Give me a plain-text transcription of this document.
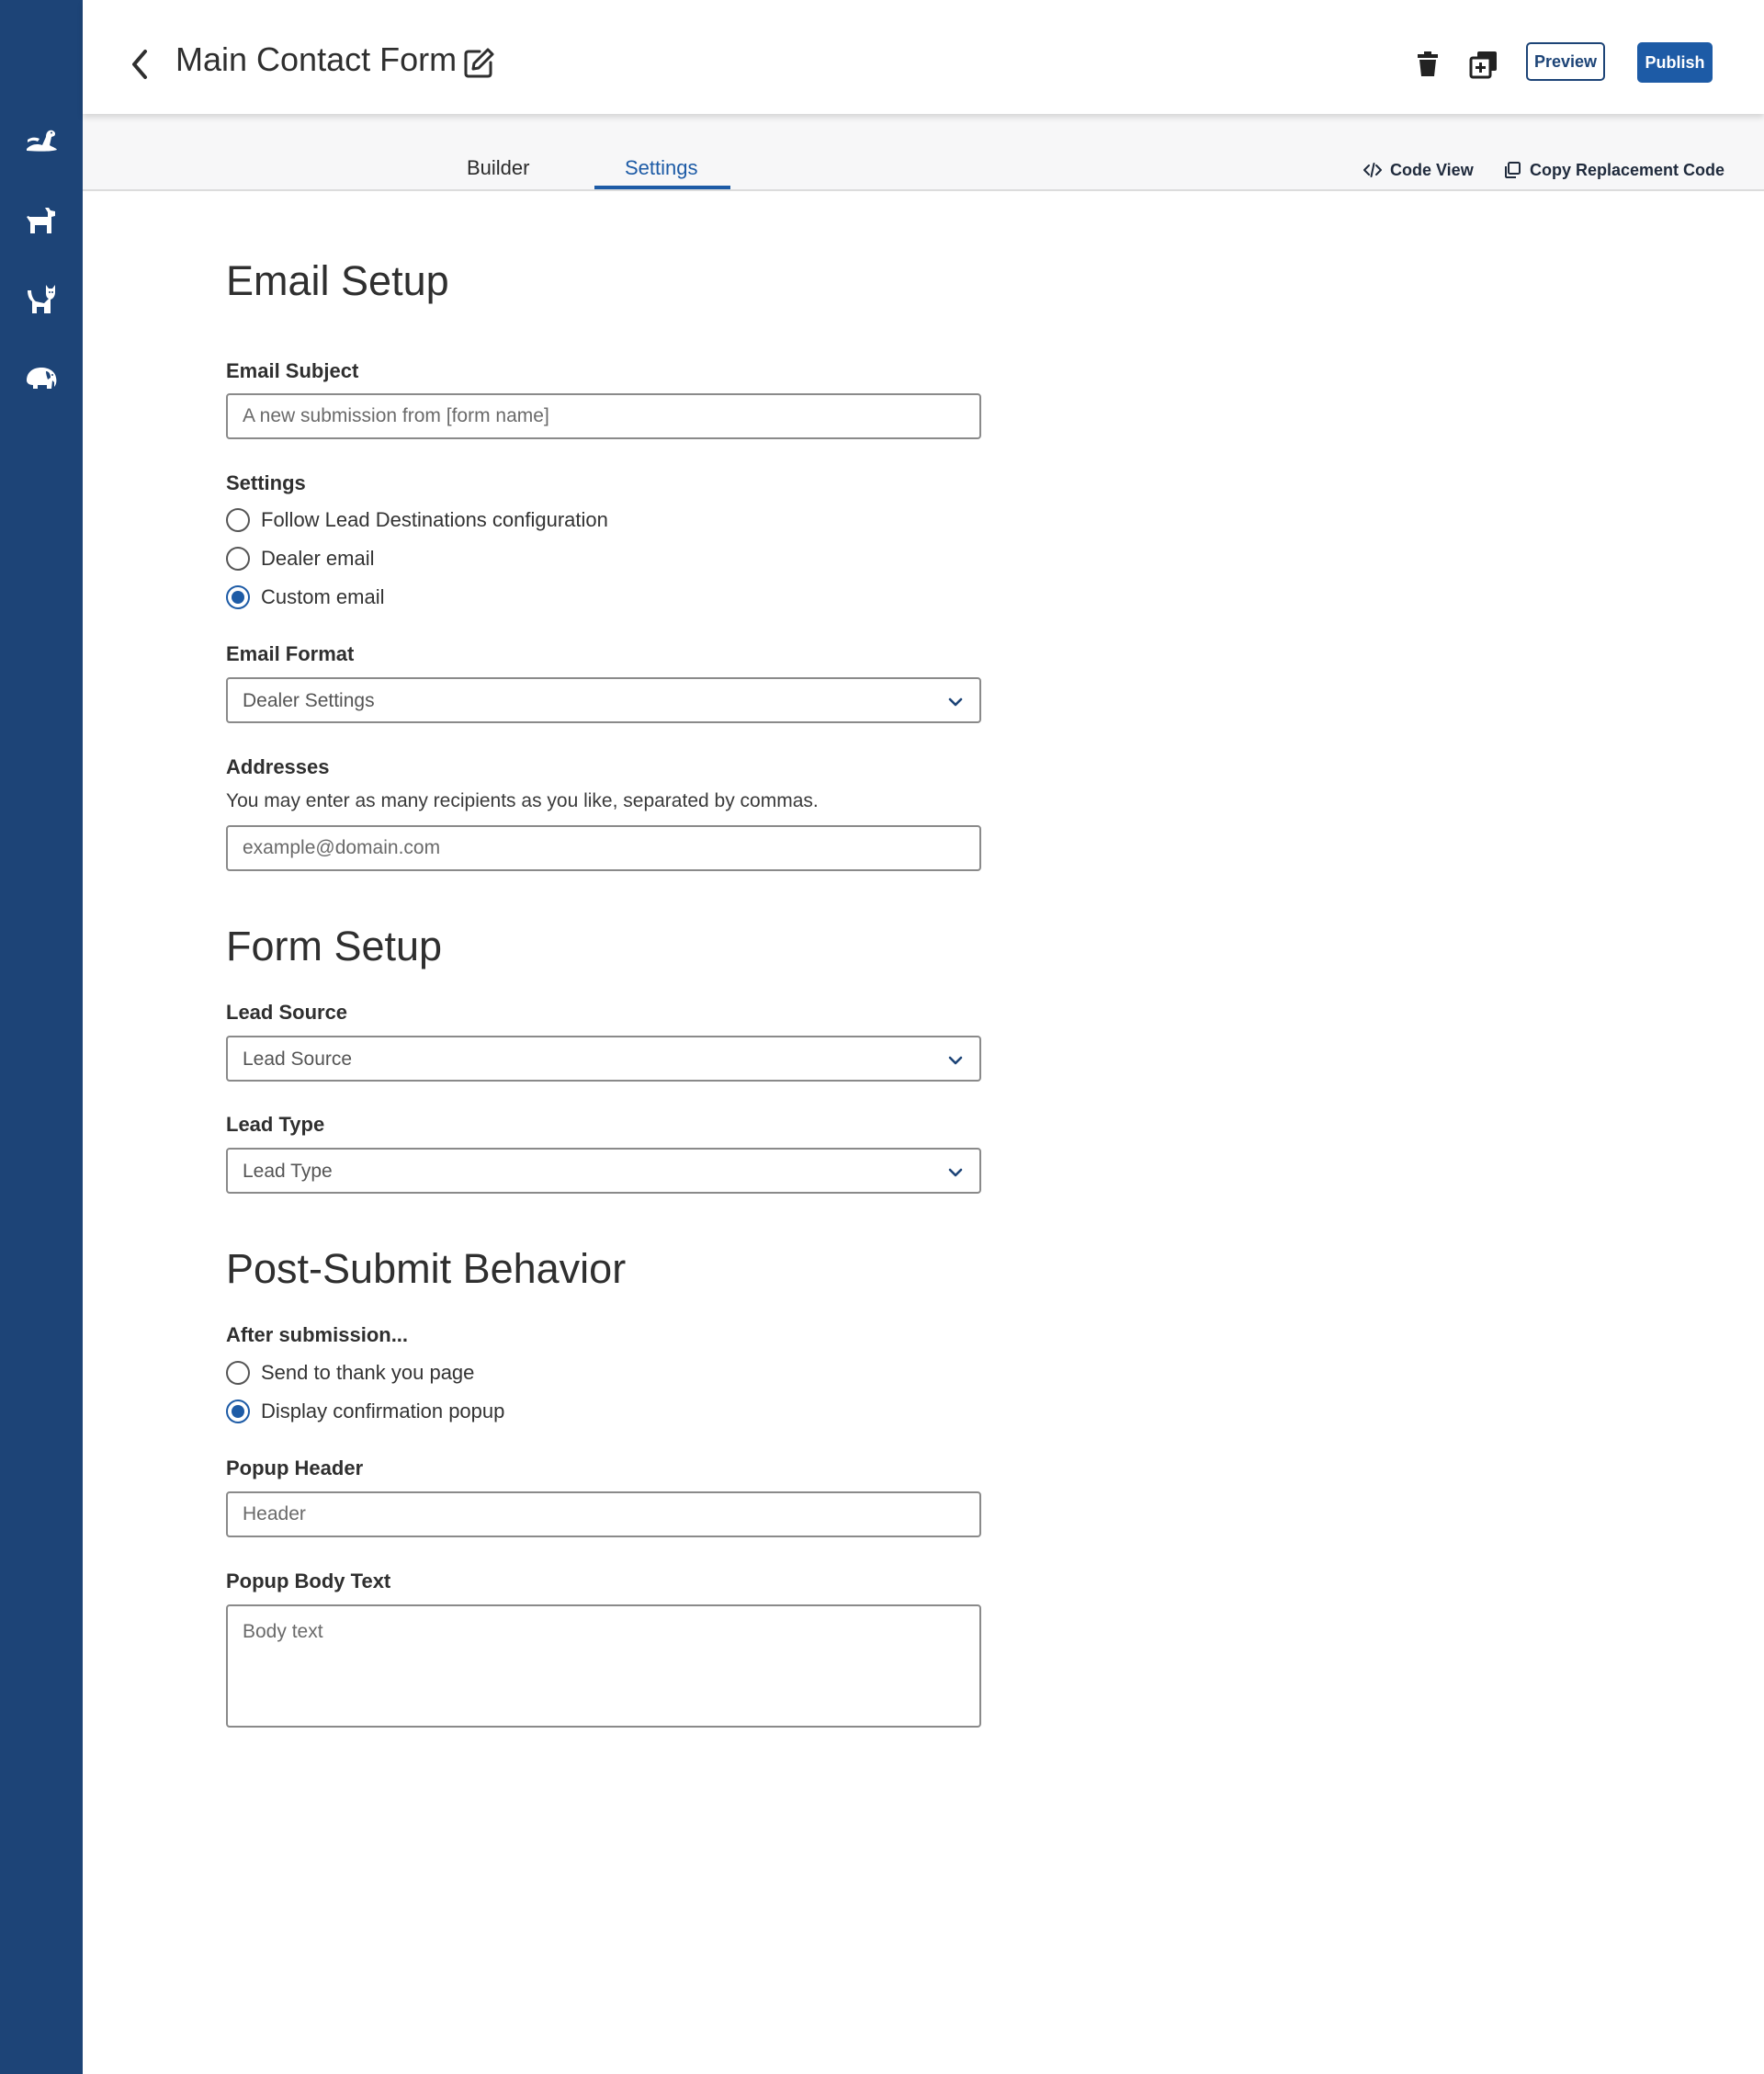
Main Contact Form	Preview	Publish
Builder	Settings	Code View	Copy Replacement Code
Email Setup
Email Subject
A new submission from [form name]
Settings
Follow Lead Destinations configuration
Dealer email
Custom email
Email Format
Dealer Settings
Addresses
You may enter as many recipients as you like, separated by commas.
example@domain.com
Form Setup
Lead Source
Lead Source
Lead Type
Lead Type
Post-Submit Behavior
After submission...
Send to thank you page
Display confirmation popup
Popup Header
Header
Popup Body Text
Body text
